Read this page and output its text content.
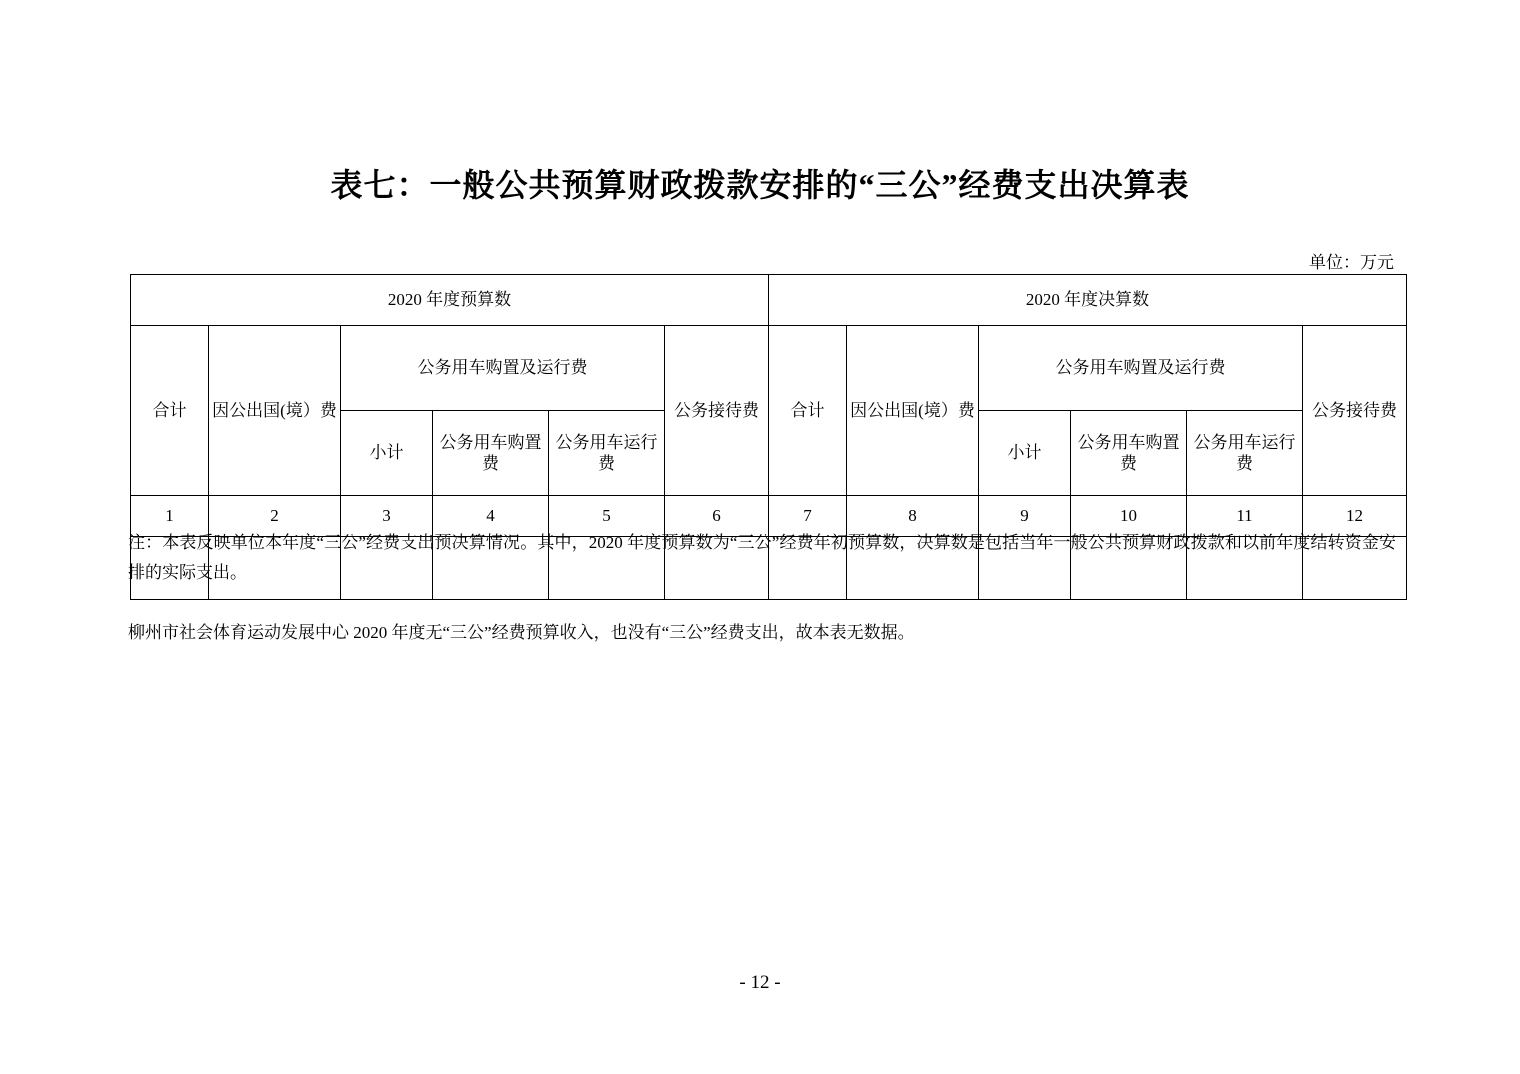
表七：一般公共预算财政拨款安排的“三公”经费支出决算表
单位：万元
2020 年度预算数						2020 年度决算数					
合计	因公出国(境）费	公务用车购置及运行费			公务接待费	合计	因公出国(境）费	公务用车购置及运行费			公务接待费
		小计	公务用车购置费	公务用车运行费				小计	公务用车购置费	公务用车运行费	
1	2	3	4	5	6	7	8	9	10	11	12

注：本表反映单位本年度“三公”经费支出预决算情况。其中，2020 年度预算数为“三公”经费年初预算数，决算数是包括当年一般公共预算财政拨款和以前年度结转资金安排的实际支出。

柳州市社会体育运动发展中心 2020 年度无“三公”经费预算收入，也没有“三公”经费支出，故本表无数据。

- 12 -
